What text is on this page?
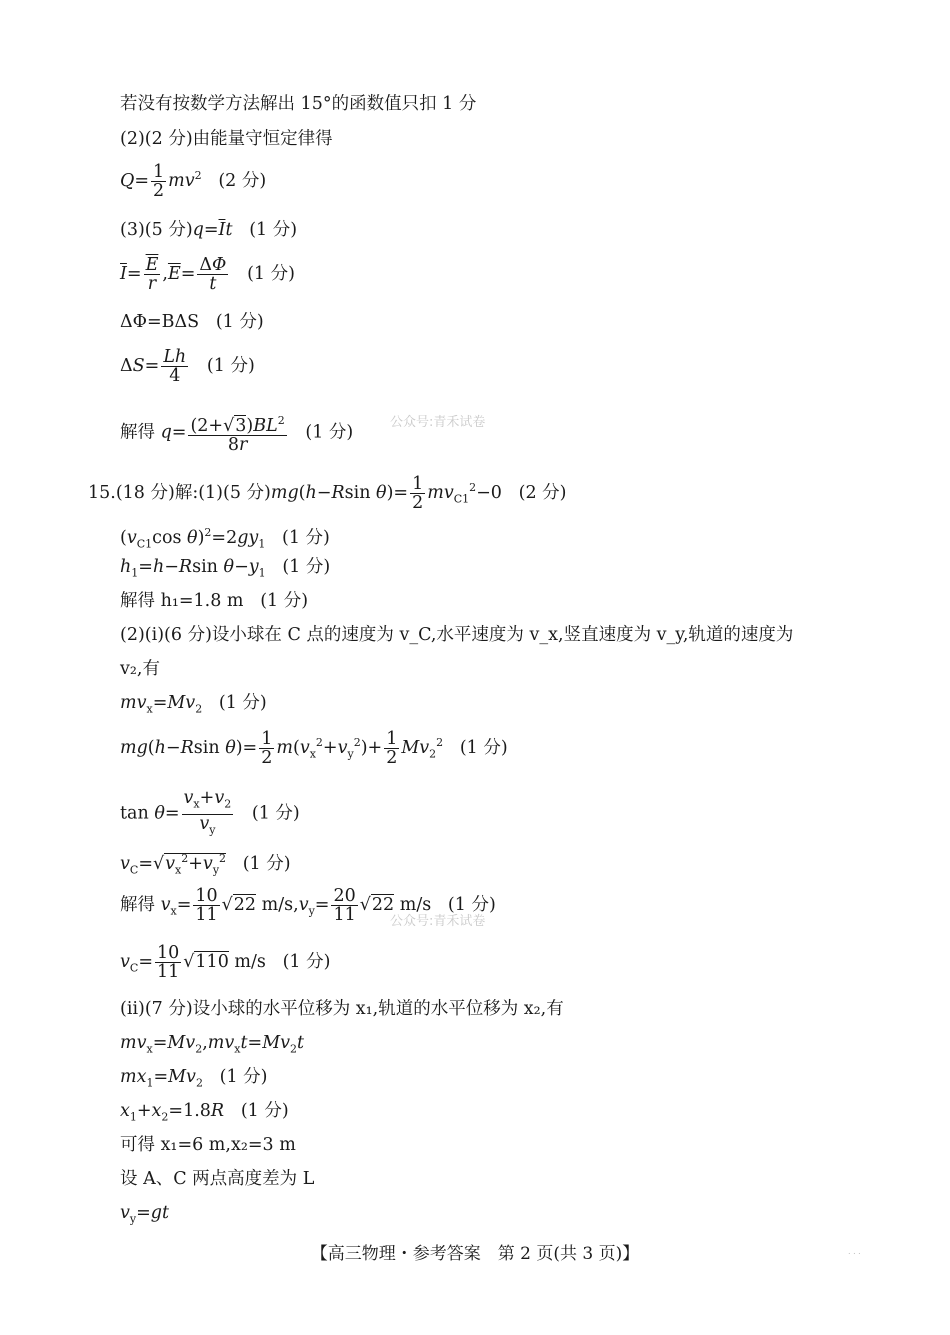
若没有按数学方法解出 15°的函数值只扣 1 分
(2)(2 分)由能量守恒定律得
$Q= \frac{1}{2} mv^2$ (2 分)
(3)(5 分)$q=\overline{I}t$ (1 分)
$\overline{I}= \frac{\overline{E}}{r} ,\overline{E}= \frac{\Delta\Phi}{t} (1$ 分)
ΔΦ=BΔS (1 分)
$\Delta S= \frac{Lh}{4} (1$ 分)
解得 $q= \frac{(2+√3)BL^2}{8r} (1$ 分)	公众号:青禾试卷
15.(18 分)解:(1)(5 分)mg(h−Rsin $\theta)= \frac{1}{2} mv_{C1}^2-0$   (2 分)
($v_{C1}\cos$ $\theta)^2=2gy_1$ (1 分)
$h_1=h-Rsin$ $\theta-y_1$ (1 分)
解得 h₁=1.8 m (1 分)
(2)(ⅰ)(6 分)设小球在 C 点的速度为 v_C,水平速度为 v_x,竖直速度为 v_y,轨道的速度为
v₂,有
$mv_x=Mv_2$ (1 分)
mg(h−Rsin $\theta)= \frac{1}{2} m(v_x^2+v_y^2)+ \frac{1}{2} Mv_2^2$ (1 分)
$\tan \theta= \frac{v_x+v_2}{v_y} (1$ 分)
$v_C=√v_x^2+v_y^2$ (1 分)
解得 $v_x= \frac{10}{11} √22$ $m/s,v_y= \frac{20}{11} √22$ m/s   (1 分)
公众号:青禾试卷
$v_C= \frac{10}{11} √110$ m/s   (1 分)
(ⅱ)(7 分)设小球的水平位移为 x₁,轨道的水平位移为 x₂,有
$mv_x=Mv_2,mv_xt=Mv_2t$
$mx_1=Mv_2$ (1 分)
$x_1+x_2=1.8R$ (1 分)
可得 x₁=6 m,x₂=3 m
设 A、C 两点高度差为 L
$v_y=gt$
【高三物理・参考答案　第 2 页(共 3 页)】	. . .
